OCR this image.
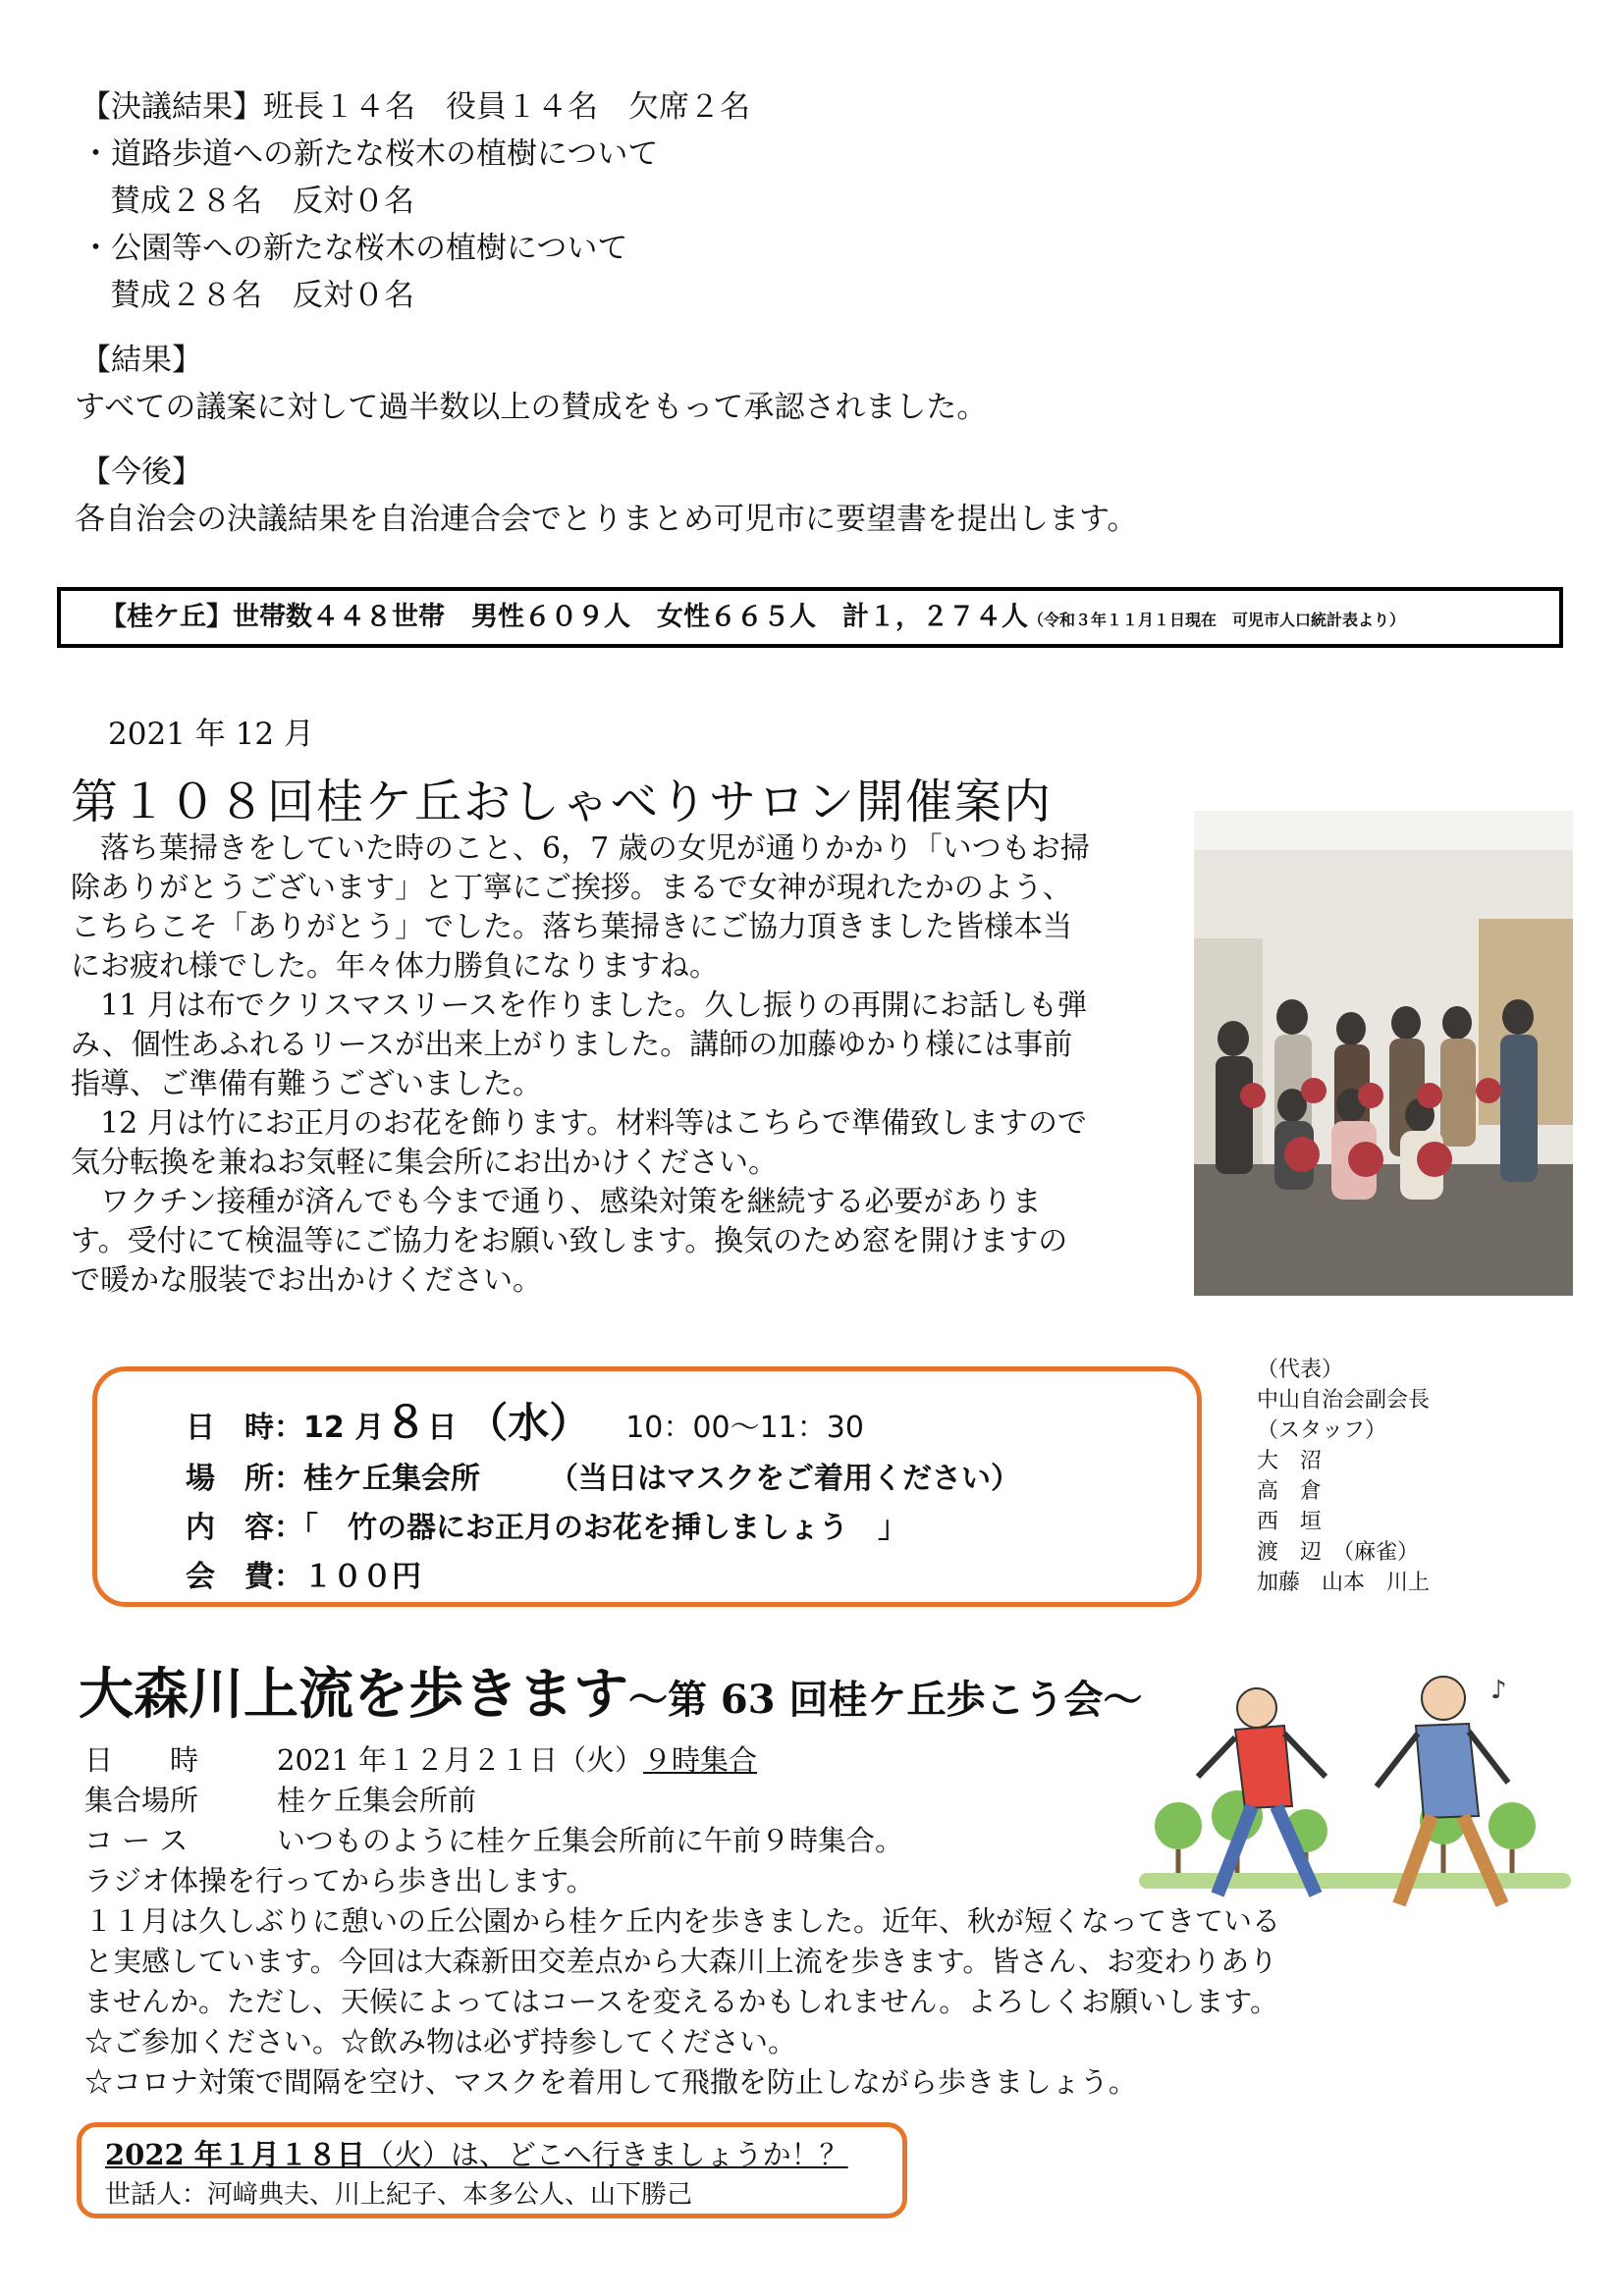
【決議結果】班長１４名　役員１４名　欠席２名
・道路歩道への新たな桜木の植樹について
賛成２８名　反対０名
・公園等への新たな桜木の植樹について
賛成２８名　反対０名
【結果】
すべての議案に対して過半数以上の賛成をもって承認されました。
【今後】
各自治会の決議結果を自治連合会でとりまとめ可児市に要望書を提出します。
【桂ケ丘】世帯数４４８世帯　男性６０９人　女性６６５人　計１，２７４人（令和３年１１月１日現在　可児市人口統計表より）
2021 年 12 月
第１０８回桂ケ丘おしゃべりサロン開催案内

　落ち葉掃きをしていた時のこと、6，7 歳の女児が通りかかり「いつもお掃

除ありがとうございます」と丁寧にご挨拶。まるで女神が現れたかのよう、

こちらこそ「ありがとう」でした。落ち葉掃きにご協力頂きました皆様本当

にお疲れ様でした。年々体力勝負になりますね。

　11 月は布でクリスマスリースを作りました。久し振りの再開にお話しも弾

み、個性あふれるリースが出来上がりました。講師の加藤ゆかり様には事前

指導、ご準備有難うございました。

　12 月は竹にお正月のお花を飾ります。材料等はこちらで準備致しますので

気分転換を兼ねお気軽に集会所にお出かけください。

　ワクチン接種が済んでも今まで通り、感染対策を継続する必要がありま

す。受付にて検温等にご協力をお願い致します。換気のため窓を開けますの

で暖かな服装でお出かけください。

日　時：12 月８日 （水） 10：00～11：30
場　所：桂ケ丘集会所 （当日はマスクをご着用ください）
内　容：「　竹の器にお正月のお花を挿しましょう　」
会　費：１００円
（代表）
中山自治会副会長
（スタッフ）
大　沼
高　倉
西　垣
渡　辺　（麻雀）
加藤　山本　川上
大森川上流を歩きます～第 63 回桂ケ丘歩こう会～
日　　時	2021 年１２月２１日（火）９時集合
集合場所	桂ケ丘集会所前
コ ー ス	いつものように桂ケ丘集会所前に午前９時集合。
ラジオ体操を行ってから歩き出します。
１１月は久しぶりに憩いの丘公園から桂ケ丘内を歩きました。近年、秋が短くなってきている
と実感しています。今回は大森新田交差点から大森川上流を歩きます。皆さん、お変わりあり
ませんか。ただし、天候によってはコースを変えるかもしれません。よろしくお願いします。
☆ご参加ください。☆飲み物は必ず持参してください。
☆コロナ対策で間隔を空け、マスクを着用して飛撒を防止しながら歩きましょう。
♪
2022 年１月１８日（火）は、どこへ行きましょうか！？
世話人：河﨑典夫、川上紀子、本多公人、山下勝己
